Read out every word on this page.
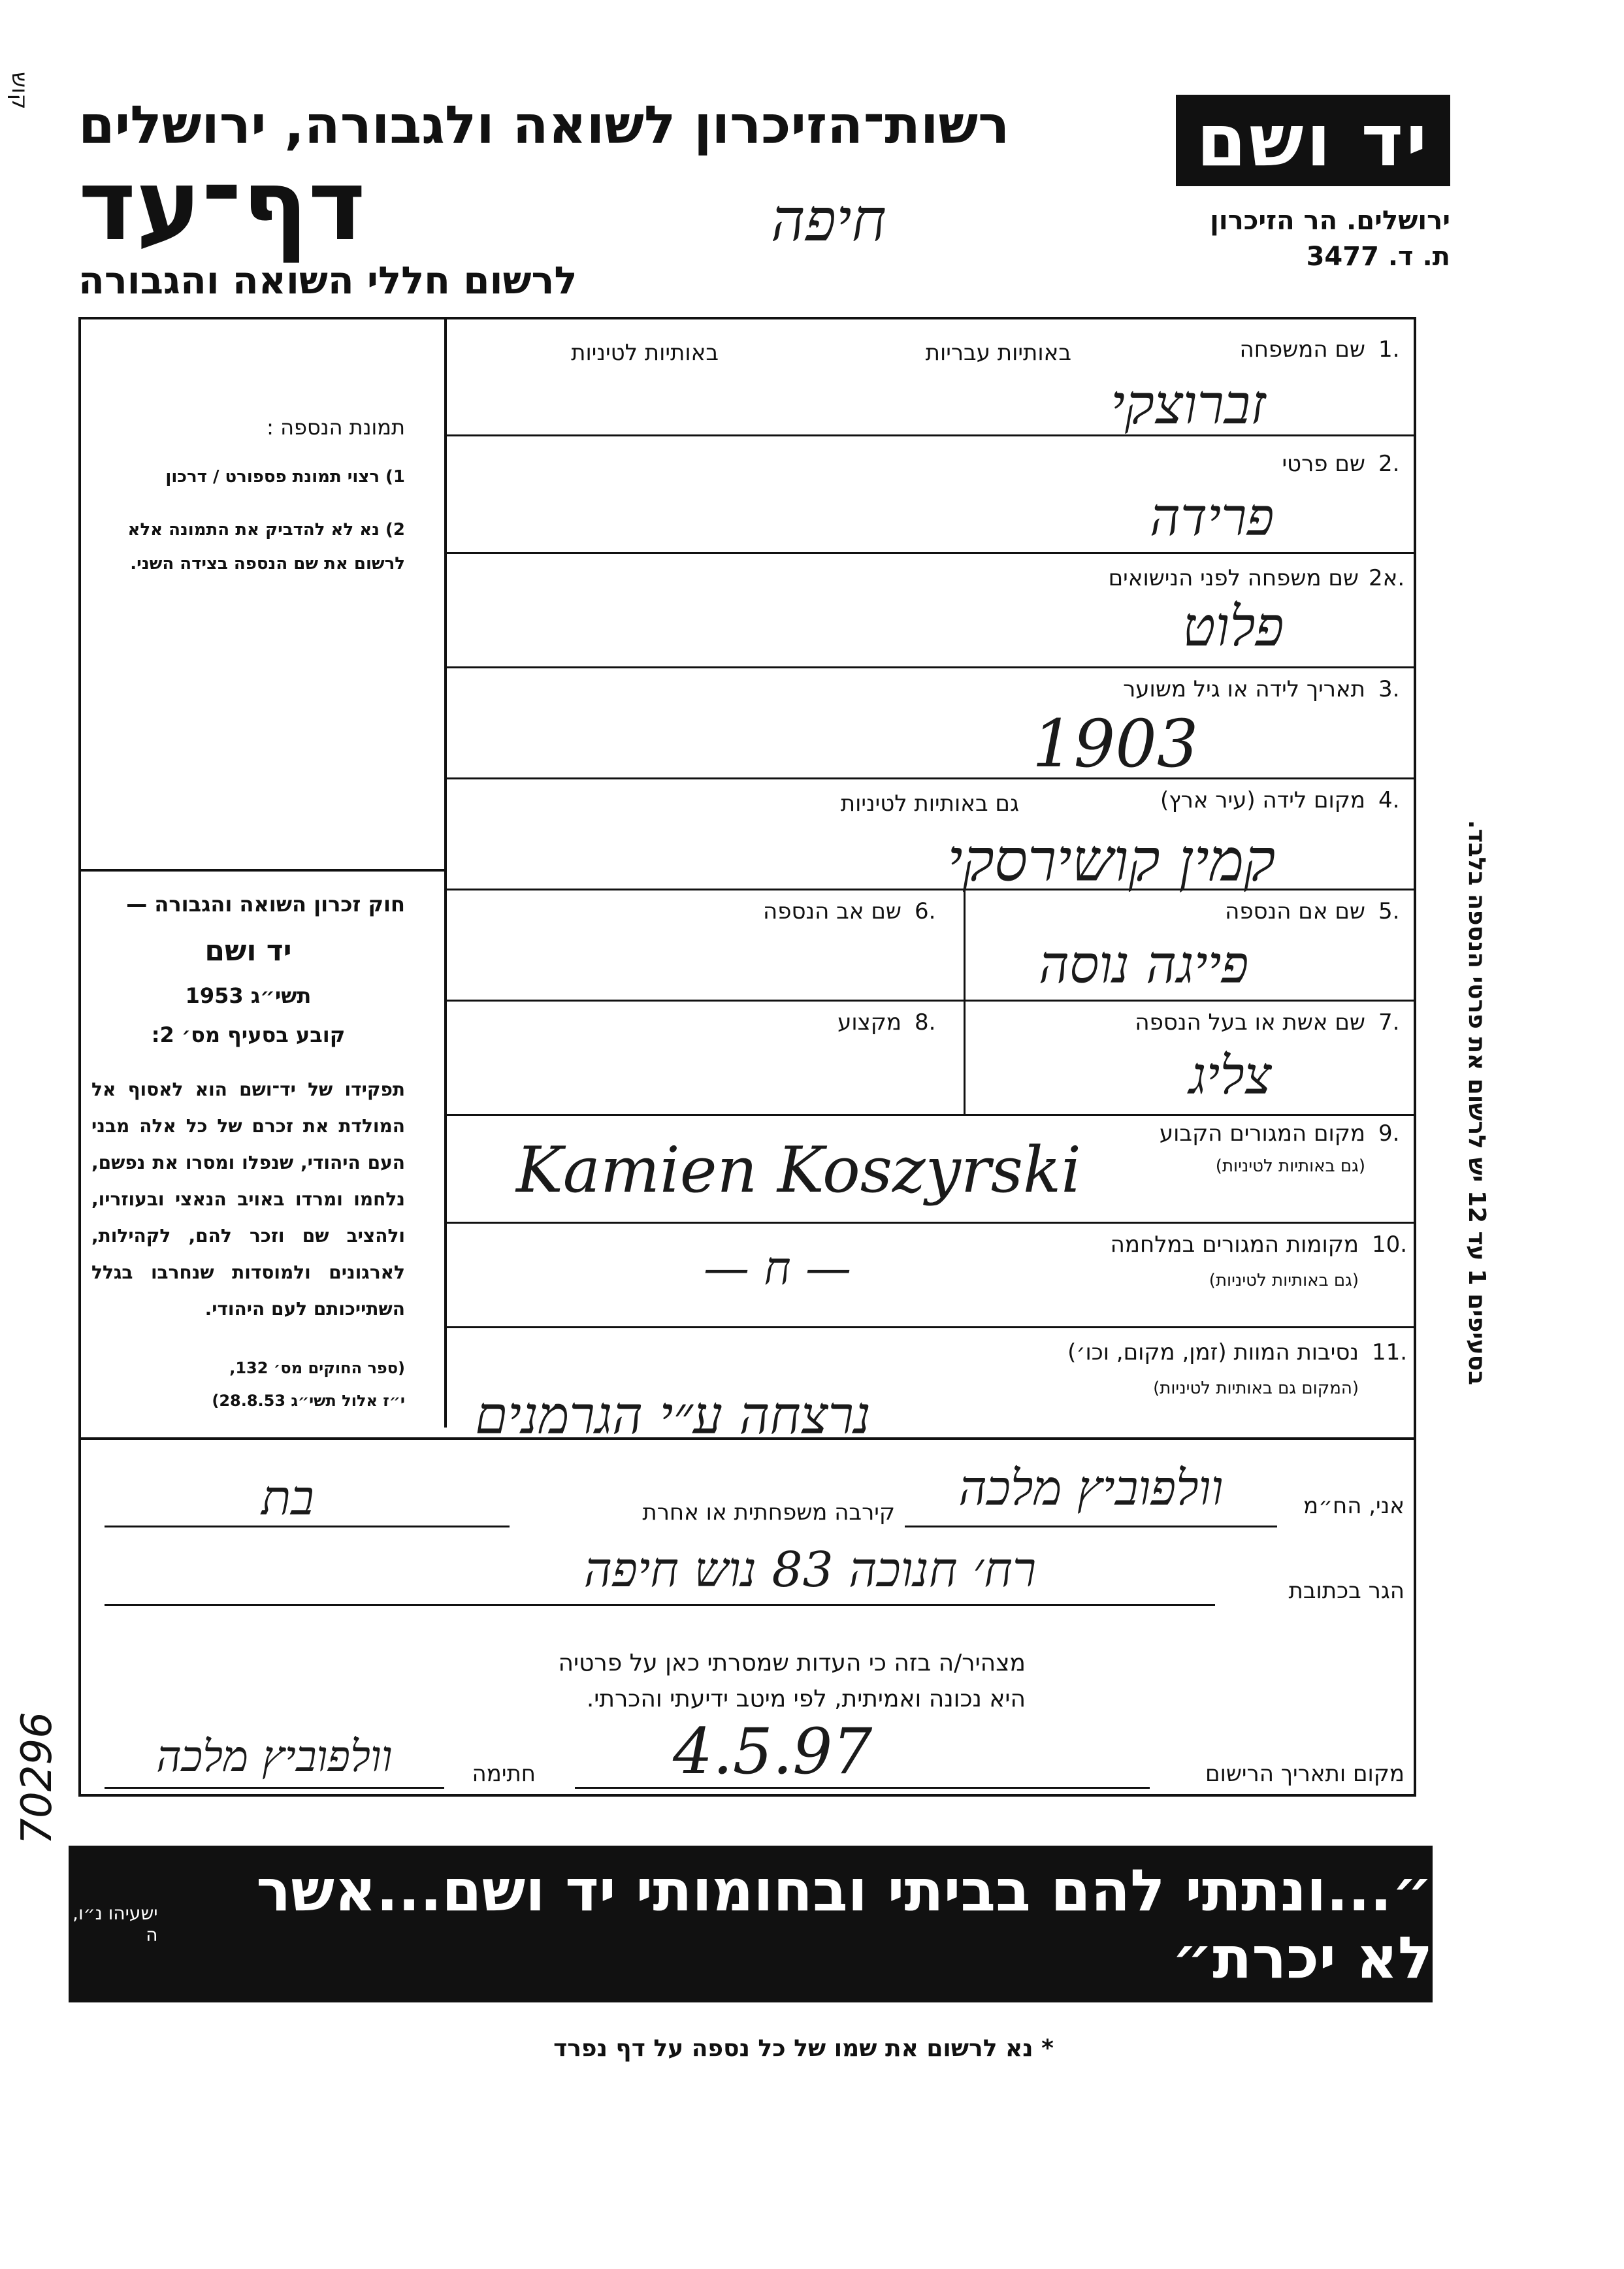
קוש
רשות־הזיכרון לשואה ולגבורה, ירושלים
דף־עד
לרשום חללי השואה והגבורה
חיפה
יד ושם
ירושלים. הר הזיכרון
ת. ד. 3477
1.
שם המשפחה
באותיות עבריות
באותיות לטיניות
זברוצקי
2.
שם פרטי
פרידה
2א.
שם משפחה לפני הנישואים
פלוט
3.
תאריך לידה או גיל משוער
1903
4.
מקום לידה (עיר ארץ)
גם באותיות לטיניות
קמין קושירסקי
5.
שם אם הנספה
פייגה נוסה
6.
שם אב הנספה
7.
שם אשת או בעל הנספה
צליג
8.
מקצוע
9.
מקום המגורים הקבוע
(גם באותיות לטיניות)
Kamien Koszyrski
10.
מקומות המגורים במלחמה
(גם באותיות לטיניות)
— ח —
11.
נסיבות המוות (זמן, מקום, וכו׳)
(המקום גם באותיות לטיניות)
נרצחה ע״י הגרמנים
תמונת הנספה :
1) רצוי תמונת פספורט / דרכון
2) נא לא להדביק את התמונה אלא לרשום את שם הנספה בצידה השני.
חוק זכרון השואה והגבורה —
יד ושם
תשי״ג 1953
קובע בסעיף מס׳ 2:
תפקידו של יד־ושם הוא לאסוף אל המולדת את זכרם של כל אלה מבני העם היהודי, שנפלו ומסרו את נפשם, נלחמו ומרדו באויב הנאצי ובעוזריו, ולהציב שם וזכר להם, לקהילות, לארגונים ולמוסדות שנחרבו בגלל השתייכותם לעם היהודי.
(ספר החוקים מס׳ 132,
י״ז אלול תשי״ג 28.8.53)
אני, הח״מ
וולפוביץ מלכה
קירבה משפחתית או אחרת
בת
הגר בכתובת
רח׳ חנוכה 83 נוש חיפה
מצהיר/ה בזה כי העדות שמסרתי כאן על פרטיה
היא נכונה ואמיתית, לפי מיטב ידיעתי והכרתי.
מקום ותאריך הרישום
4.5.97
חתימה
וולפוביץ מלכה
בסעיפים 1 עד 12 יש לרשום את פרטי הנספה בלבד.
70296
״...ונתתי להם בביתי ובחומותי יד ושם...אשר לא יכרת״
ישעיהו נ״ו, ה
* נא לרשום את שמו של כל נספה על דף נפרד
